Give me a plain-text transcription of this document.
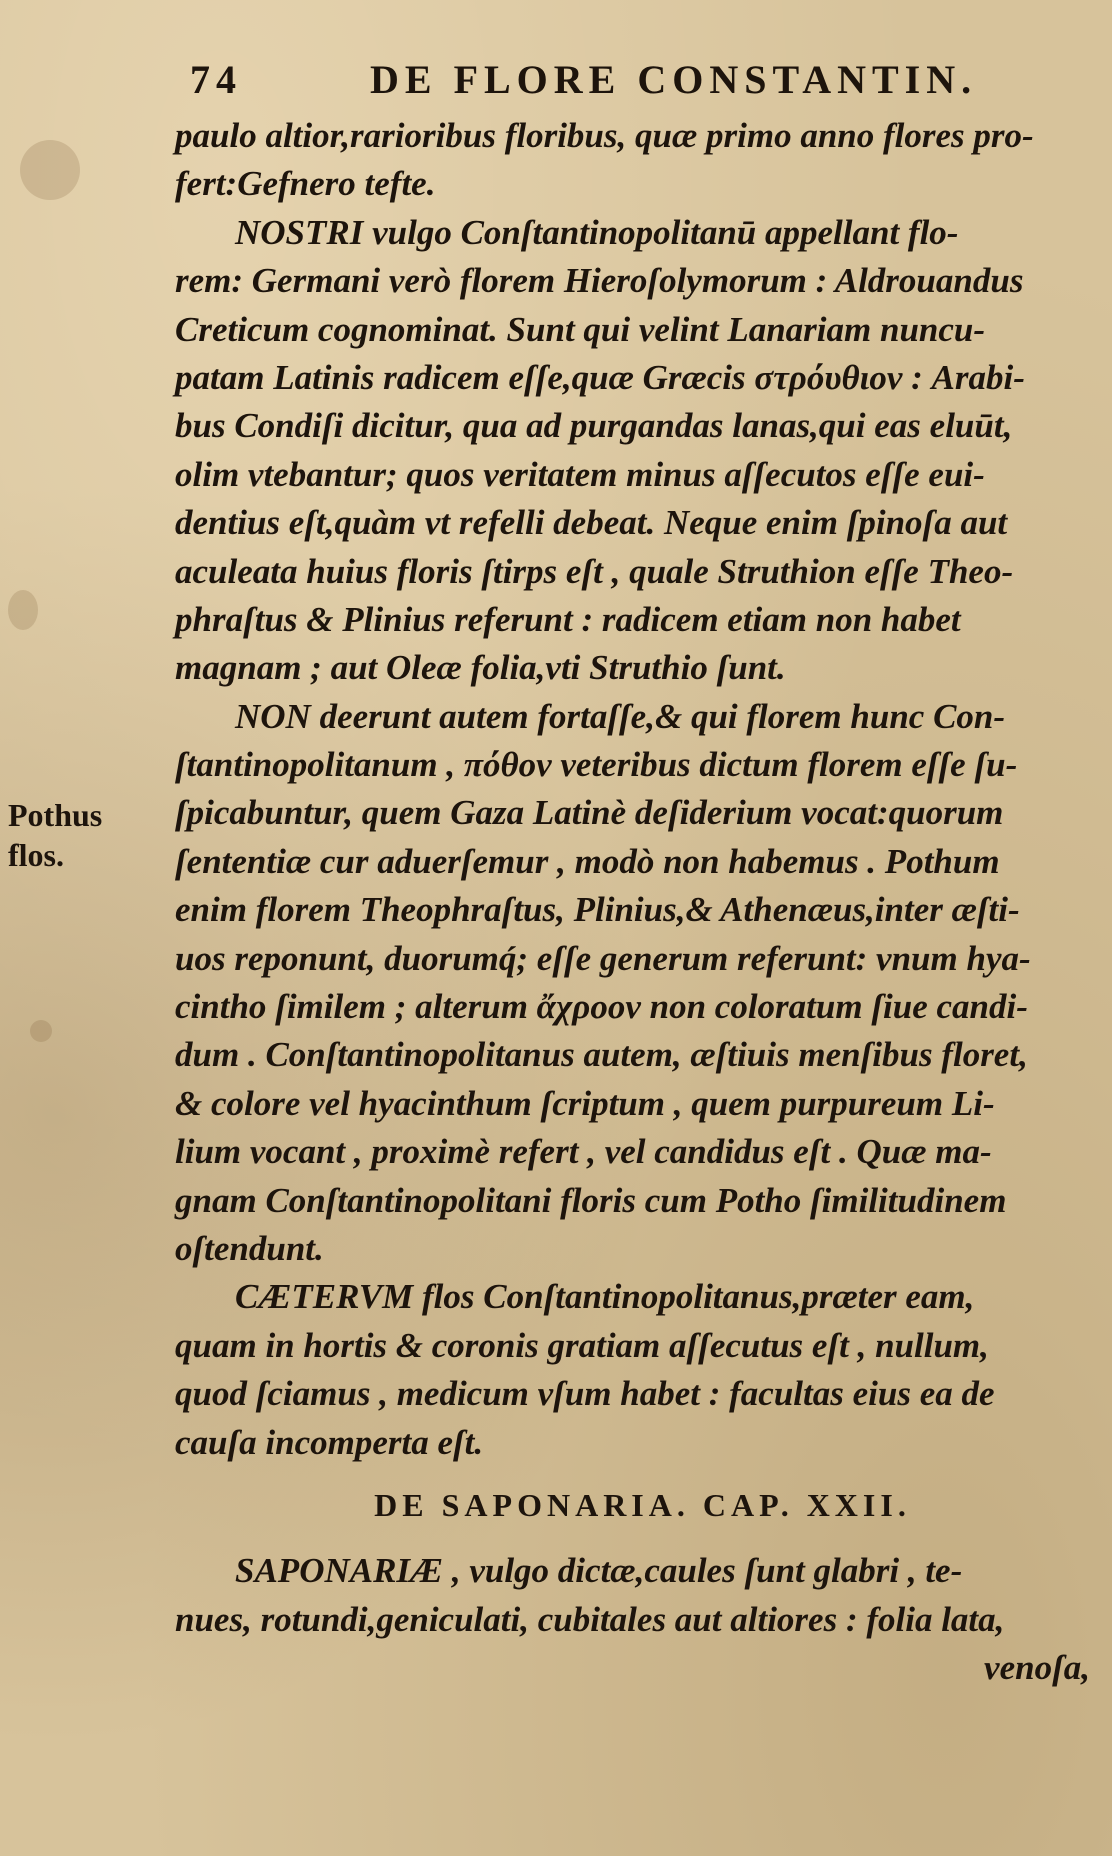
74	DE FLORE CONSTANTIN.
Pothus
flos.
paulo altior,rarioribus floribus, quæ primo anno flores pro-
fert:Gefnero tefte.
NOSTRI vulgo Conſtantinopolitanū appellant flo-
rem: Germani verò florem Hieroſolymorum : Aldrouandus
Creticum cognominat. Sunt qui velint Lanariam nuncu-
patam Latinis radicem eſſe,quæ Græcis στρόυθιον : Arabi-
bus Condiſi dicitur, qua ad purgandas lanas,qui eas eluūt,
olim vtebantur; quos veritatem minus aſſecutos eſſe eui-
dentius eſt,quàm vt refelli debeat. Neque enim ſpinoſa aut
aculeata huius floris ſtirps eſt , quale Struthion eſſe Theo-
phraſtus & Plinius referunt : radicem etiam non habet
magnam ; aut Oleæ folia,vti Struthio ſunt.
NON deerunt autem fortaſſe,& qui florem hunc Con-
ſtantinopolitanum , πόθον veteribus dictum florem eſſe ſu-
ſpicabuntur, quem Gaza Latinè deſiderium vocat:quorum
ſententiæ cur aduerſemur , modò non habemus . Pothum
enim florem Theophraſtus, Plinius,& Athenæus,inter æſti-
uos reponunt, duorumq́; eſſe generum referunt: vnum hya-
cintho ſimilem ; alterum ἄχροον non coloratum ſiue candi-
dum . Conſtantinopolitanus autem, æſtiuis menſibus floret,
& colore vel hyacinthum ſcriptum , quem purpureum Li-
lium vocant , proximè refert , vel candidus eſt . Quæ ma-
gnam Conſtantinopolitani floris cum Potho ſimilitudinem
oſtendunt.
CÆTERVM flos Conſtantinopolitanus,præter eam,
quam in hortis & coronis gratiam aſſecutus eſt , nullum,
quod ſciamus , medicum vſum habet : facultas eius ea de
cauſa incomperta eſt.
DE SAPONARIA. CAP. XXII.
SAPONARIÆ , vulgo dictæ,caules ſunt glabri , te-
nues, rotundi,geniculati, cubitales aut altiores : folia lata,
venoſa,
